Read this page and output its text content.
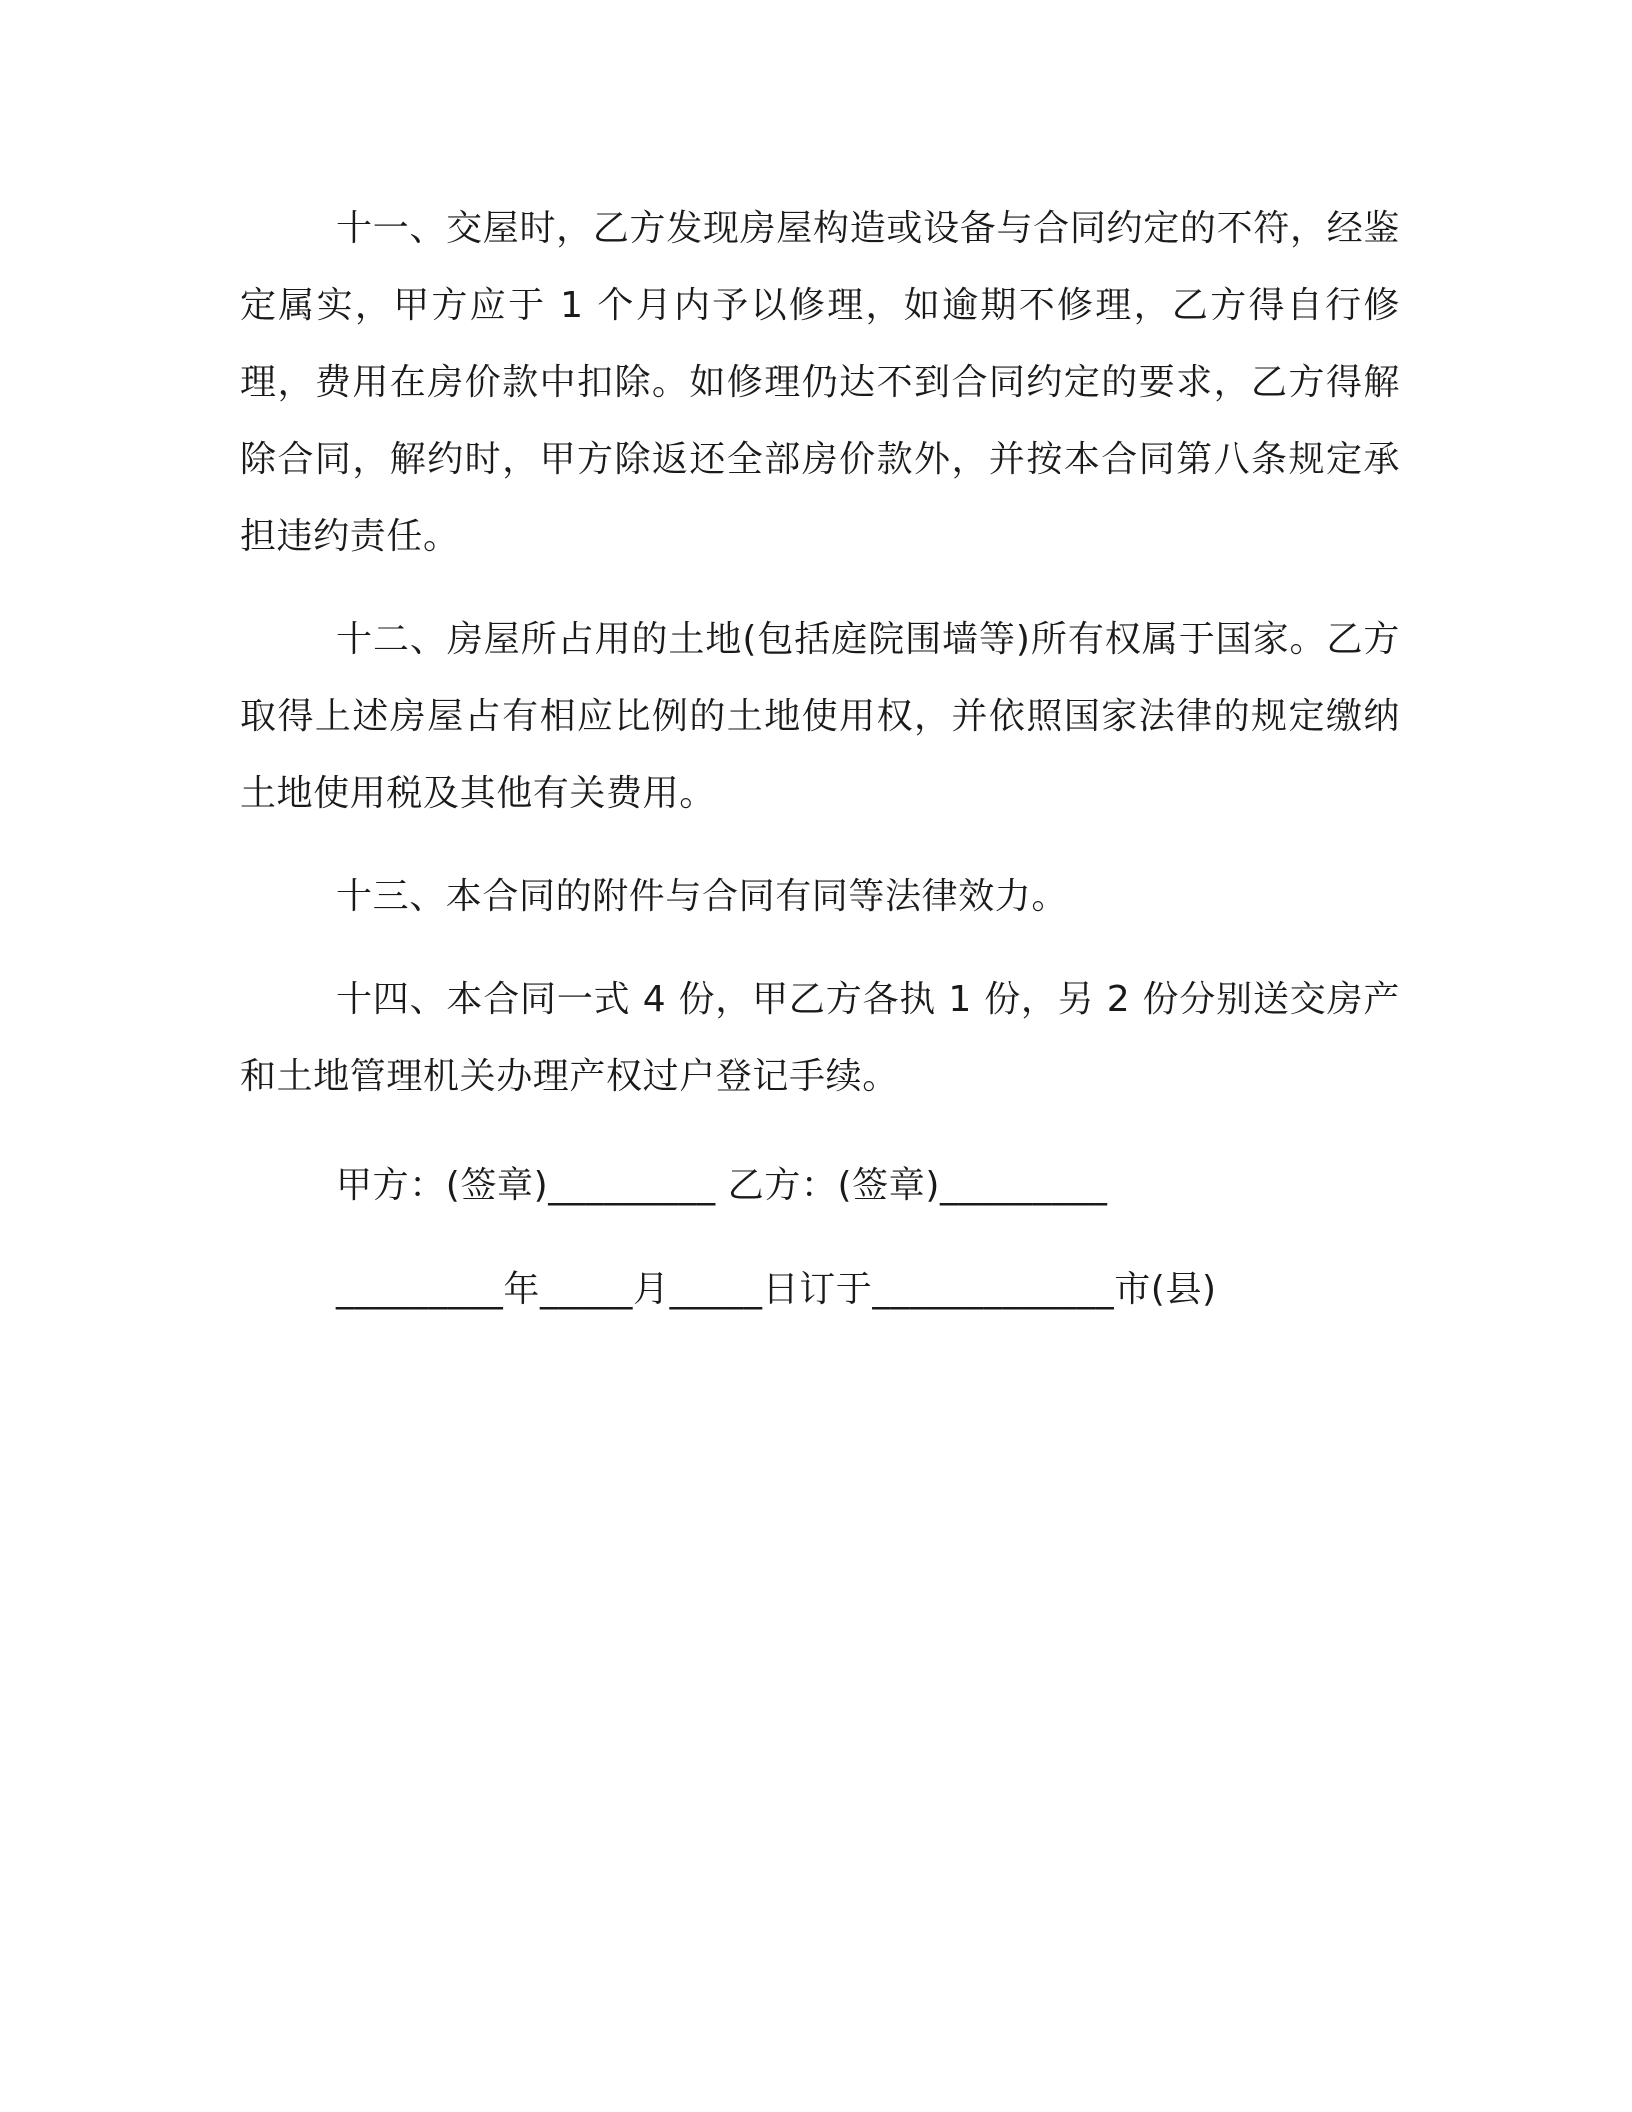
十一、交屋时，乙方发现房屋构造或设备与合同约定的不符，经鉴定属实，甲方应于 1 个月内予以修理，如逾期不修理，乙方得自行修理，费用在房价款中扣除。如修理仍达不到合同约定的要求，乙方得解除合同，解约时，甲方除返还全部房价款外，并按本合同第八条规定承担违约责任。

十二、房屋所占用的土地(包括庭院围墙等)所有权属于国家。乙方取得上述房屋占有相应比例的土地使用权，并依照国家法律的规定缴纳土地使用税及其他有关费用。

十三、本合同的附件与合同有同等法律效力。

十四、本合同一式 4 份，甲乙方各执 1 份，另 2 份分别送交房产和土地管理机关办理产权过户登记手续。

甲方：(签章)_________ 乙方：(签章)_________

_________年_____月_____日订于_____________市(县)
